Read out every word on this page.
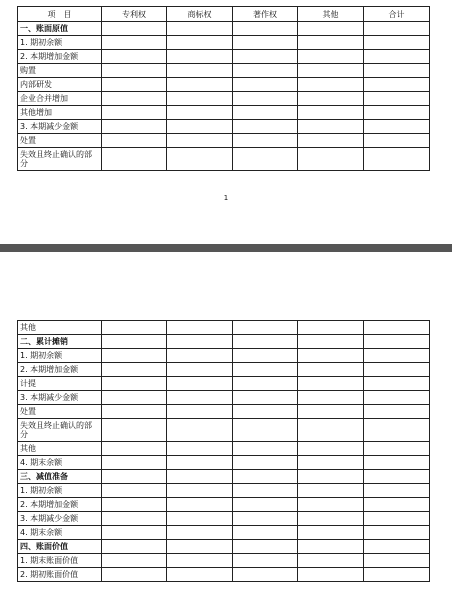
项　目	专利权	商标权	著作权	其他	合计
一、账面原值					
1. 期初余额					
2. 本期增加金额					
购置					
内部研发					
企业合并增加					
其他增加					
3. 本期减少金额					
处置					
失效且终止确认的部分					
1
其他					
二、累计摊销					
1. 期初余额					
2. 本期增加金额					
计提					
3. 本期减少金额					
处置					
失效且终止确认的部分					
其他					
4. 期末余额					
三、减值准备					
1. 期初余额					
2. 本期增加金额					
3. 本期减少金额					
4. 期末余额					
四、账面价值					
1. 期末账面价值					
2. 期初账面价值					
